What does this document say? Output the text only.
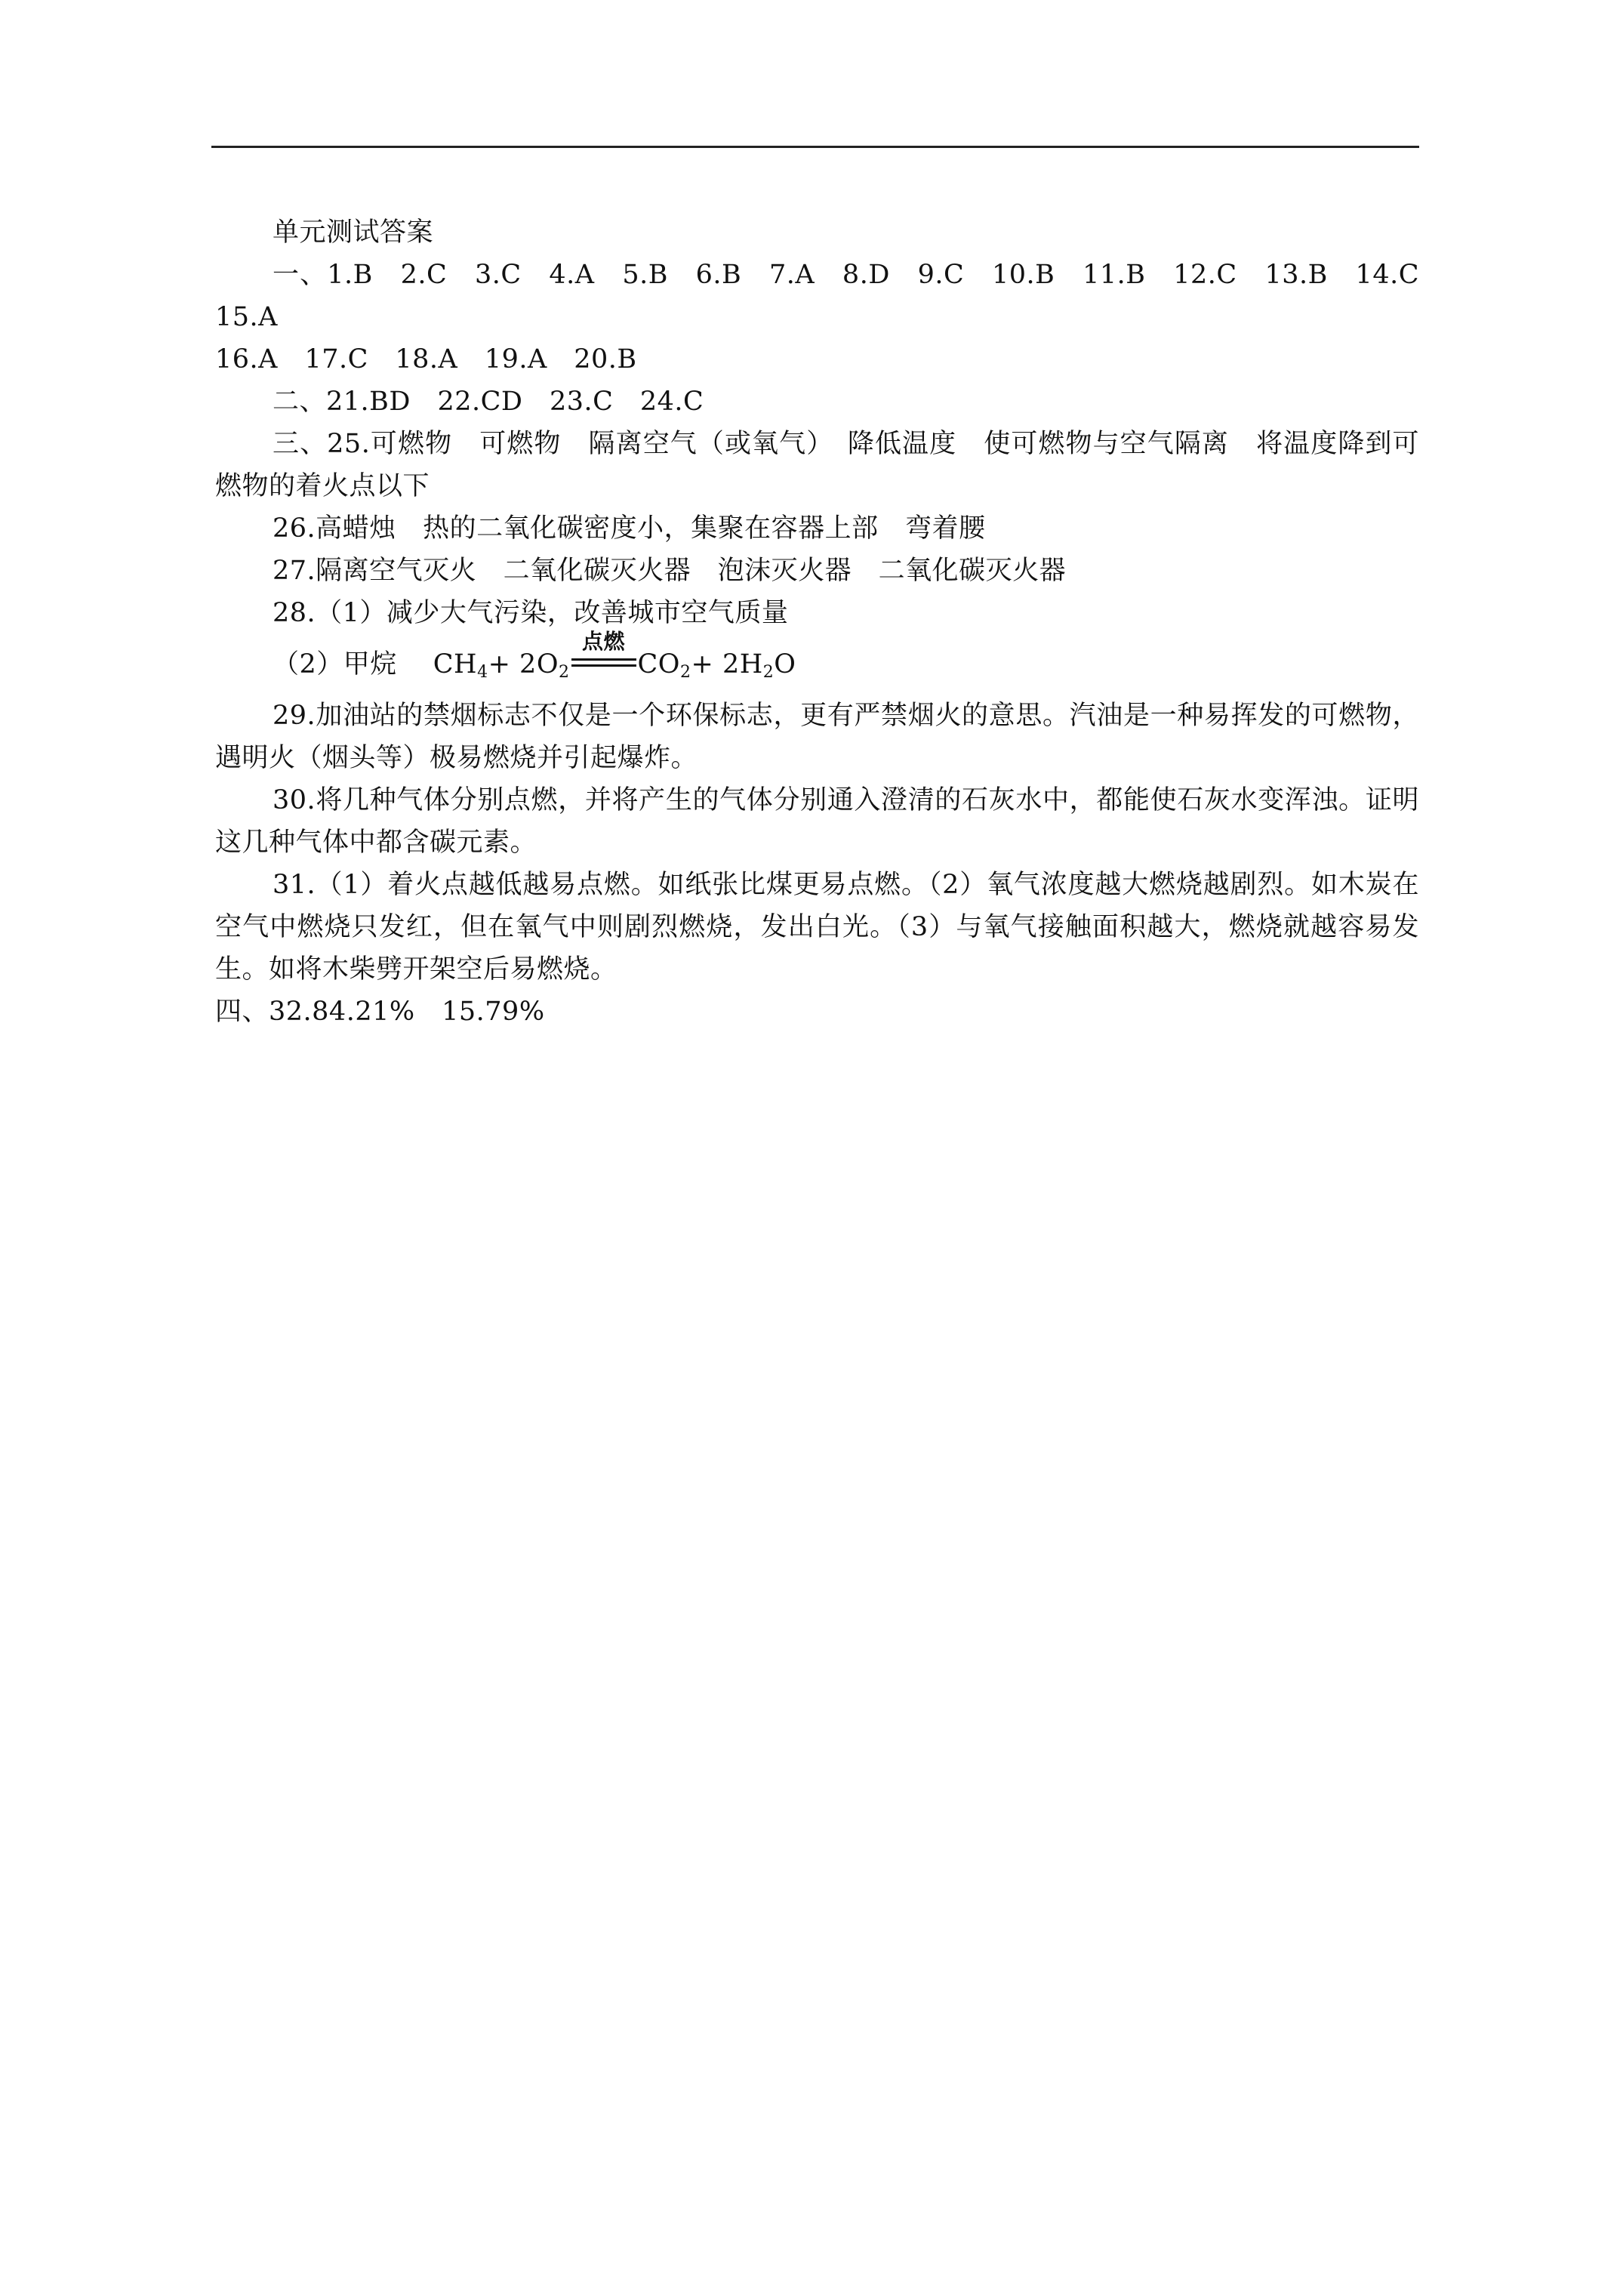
单元测试答案

一、1.B　2.C　3.C　4.A　5.B　6.B　7.A　8.D　9.C　10.B　11.B　12.C　13.B　14.C 15.A

16.A　17.C　18.A　19.A　20.B

二、21.BD　22.CD　23.C　24.C

三、25.可燃物　可燃物　隔离空气（或氧气）　降低温度　使可燃物与空气隔离　将温度降到可燃物的着火点以下

26.高蜡烛　热的二氧化碳密度小，集聚在容器上部　弯着腰

27.隔离空气灭火　二氧化碳灭火器　泡沫灭火器　二氧化碳灭火器

28.（1）减少大气污染，改善城市空气质量

（2）甲烷 $CH_4+ 2O_2$
点燃
$CO_2+ 2H_2O$

29.加油站的禁烟标志不仅是一个环保标志，更有严禁烟火的意思。汽油是一种易挥发的可燃物，遇明火（烟头等）极易燃烧并引起爆炸。

30.将几种气体分别点燃，并将产生的气体分别通入澄清的石灰水中，都能使石灰水变浑浊。证明这几种气体中都含碳元素。

31.（1）着火点越低越易点燃。如纸张比煤更易点燃。（2）氧气浓度越大燃烧越剧烈。如木炭在空气中燃烧只发红，但在氧气中则剧烈燃烧，发出白光。（3）与氧气接触面积越大，燃烧就越容易发生。如将木柴劈开架空后易燃烧。

四、32.84.21%　15.79%
